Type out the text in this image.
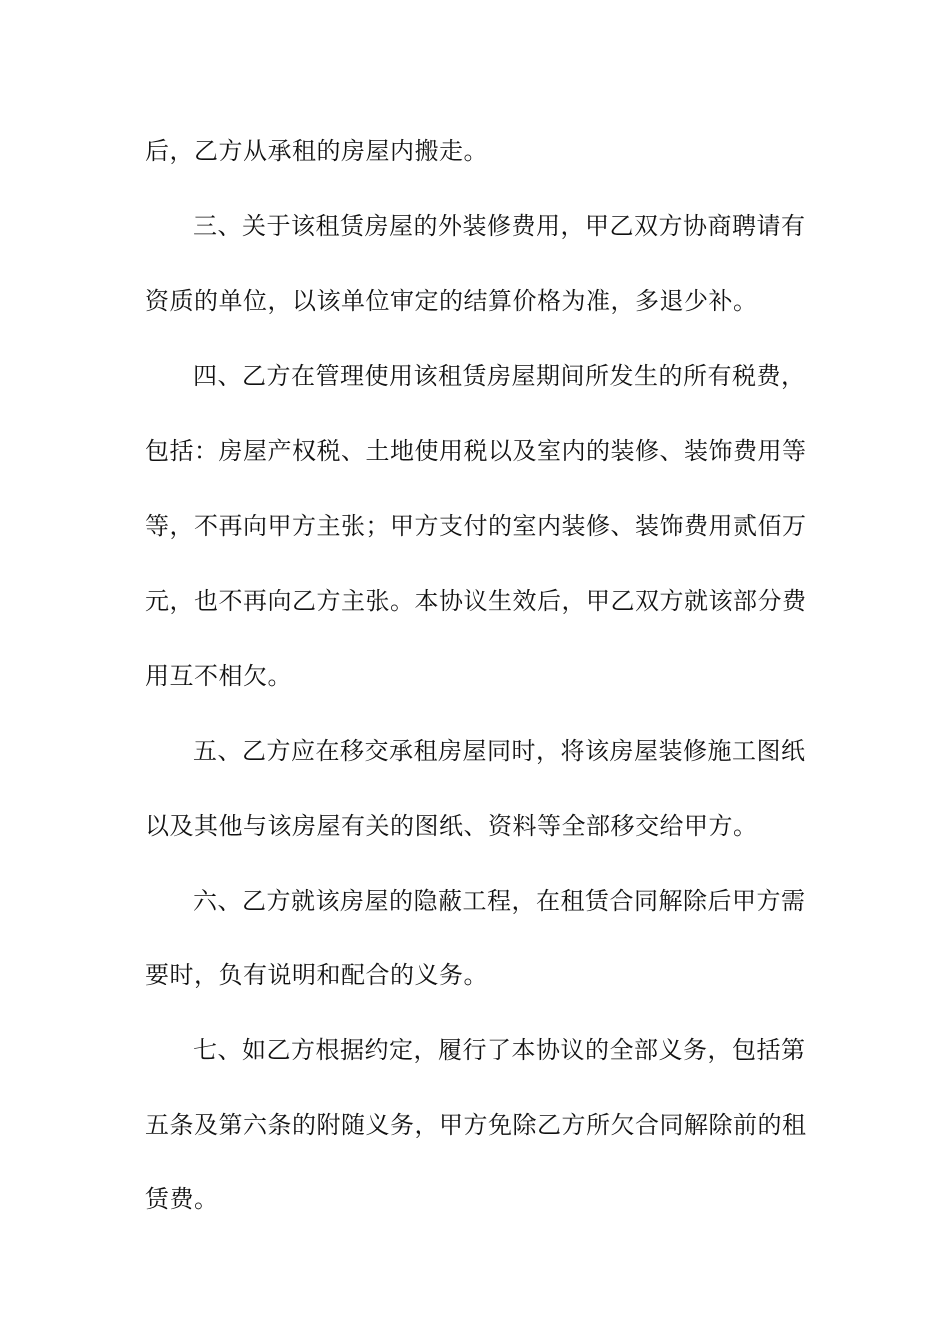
后，乙方从承租的房屋内搬走。
三、关于该租赁房屋的外装修费用，甲乙双方协商聘请有
资质的单位，以该单位审定的结算价格为准，多退少补。
四、乙方在管理使用该租赁房屋期间所发生的所有税费，
包括：房屋产权税、土地使用税以及室内的装修、装饰费用等
等，不再向甲方主张；甲方支付的室内装修、装饰费用贰佰万
元，也不再向乙方主张。本协议生效后，甲乙双方就该部分费
用互不相欠。
五、乙方应在移交承租房屋同时，将该房屋装修施工图纸
以及其他与该房屋有关的图纸、资料等全部移交给甲方。
六、乙方就该房屋的隐蔽工程，在租赁合同解除后甲方需
要时，负有说明和配合的义务。
七、如乙方根据约定，履行了本协议的全部义务，包括第
五条及第六条的附随义务，甲方免除乙方所欠合同解除前的租
赁费。
